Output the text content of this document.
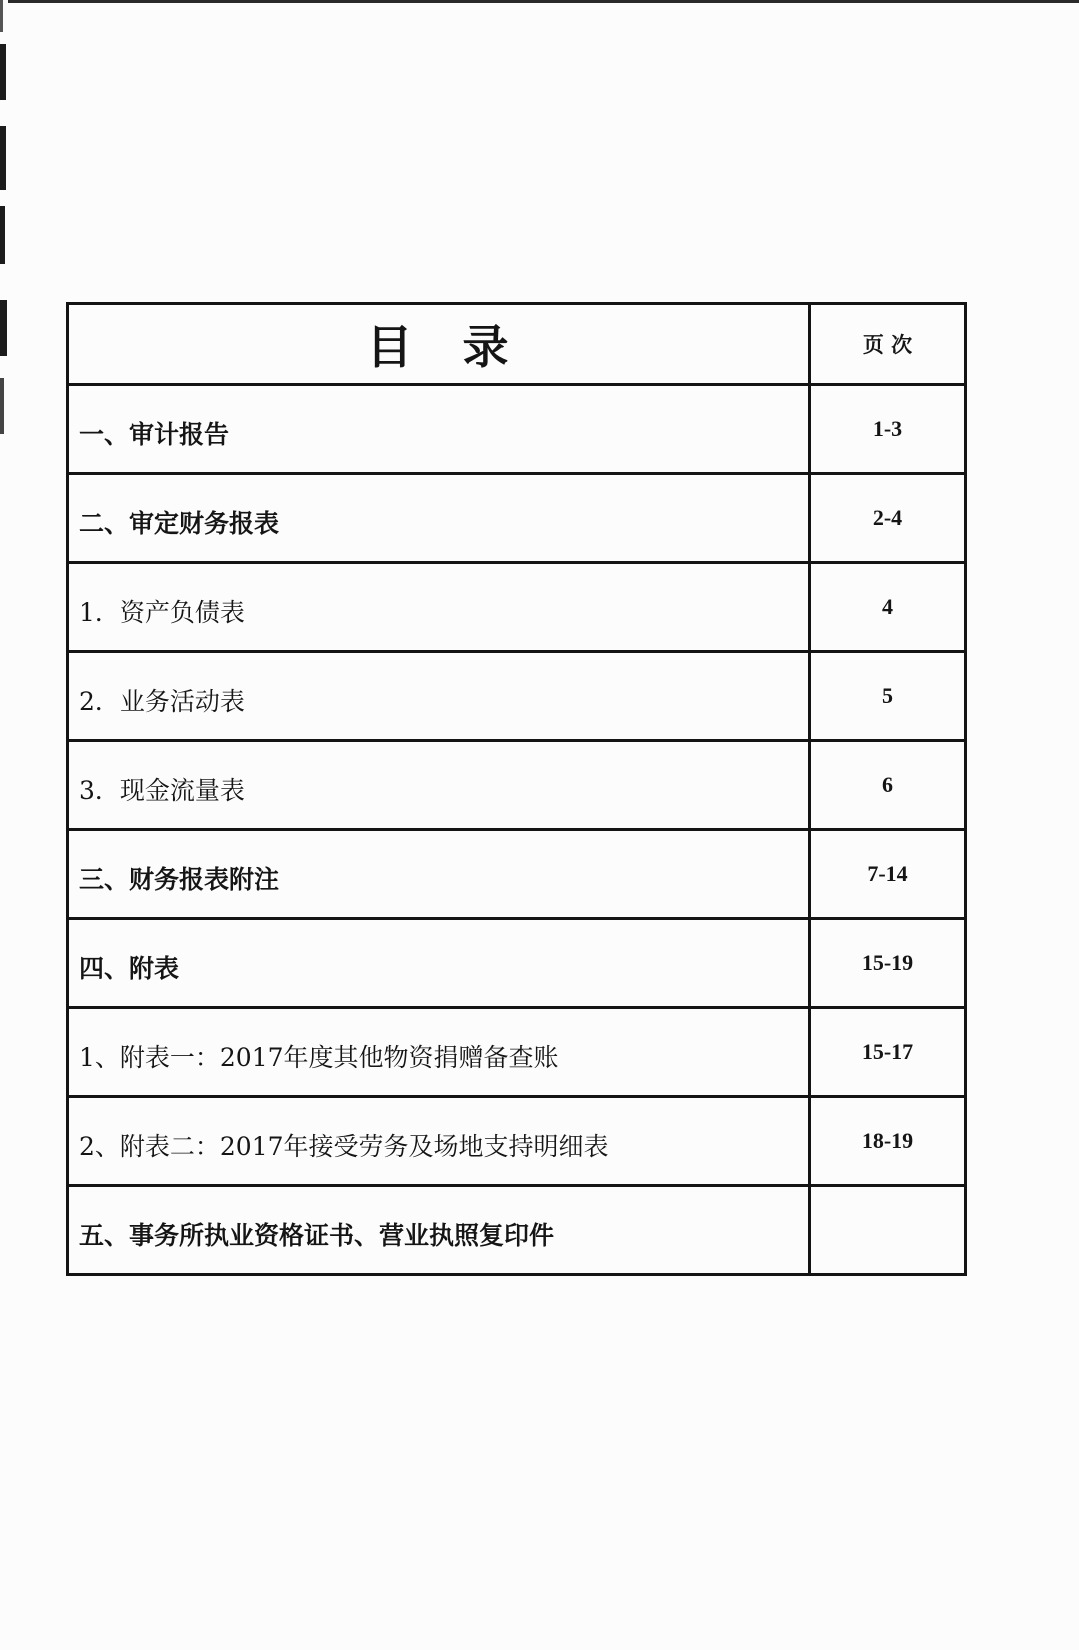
目　录	页 次
一、审计报告	1-3
二、审定财务报表	2-4
1．资产负债表	4
2．业务活动表	5
3．现金流量表	6
三、财务报表附注	7-14
四、附表	15-19
1、附表一：2017年度其他物资捐赠备查账	15-17
2、附表二：2017年接受劳务及场地支持明细表	18-19
五、事务所执业资格证书、营业执照复印件	
